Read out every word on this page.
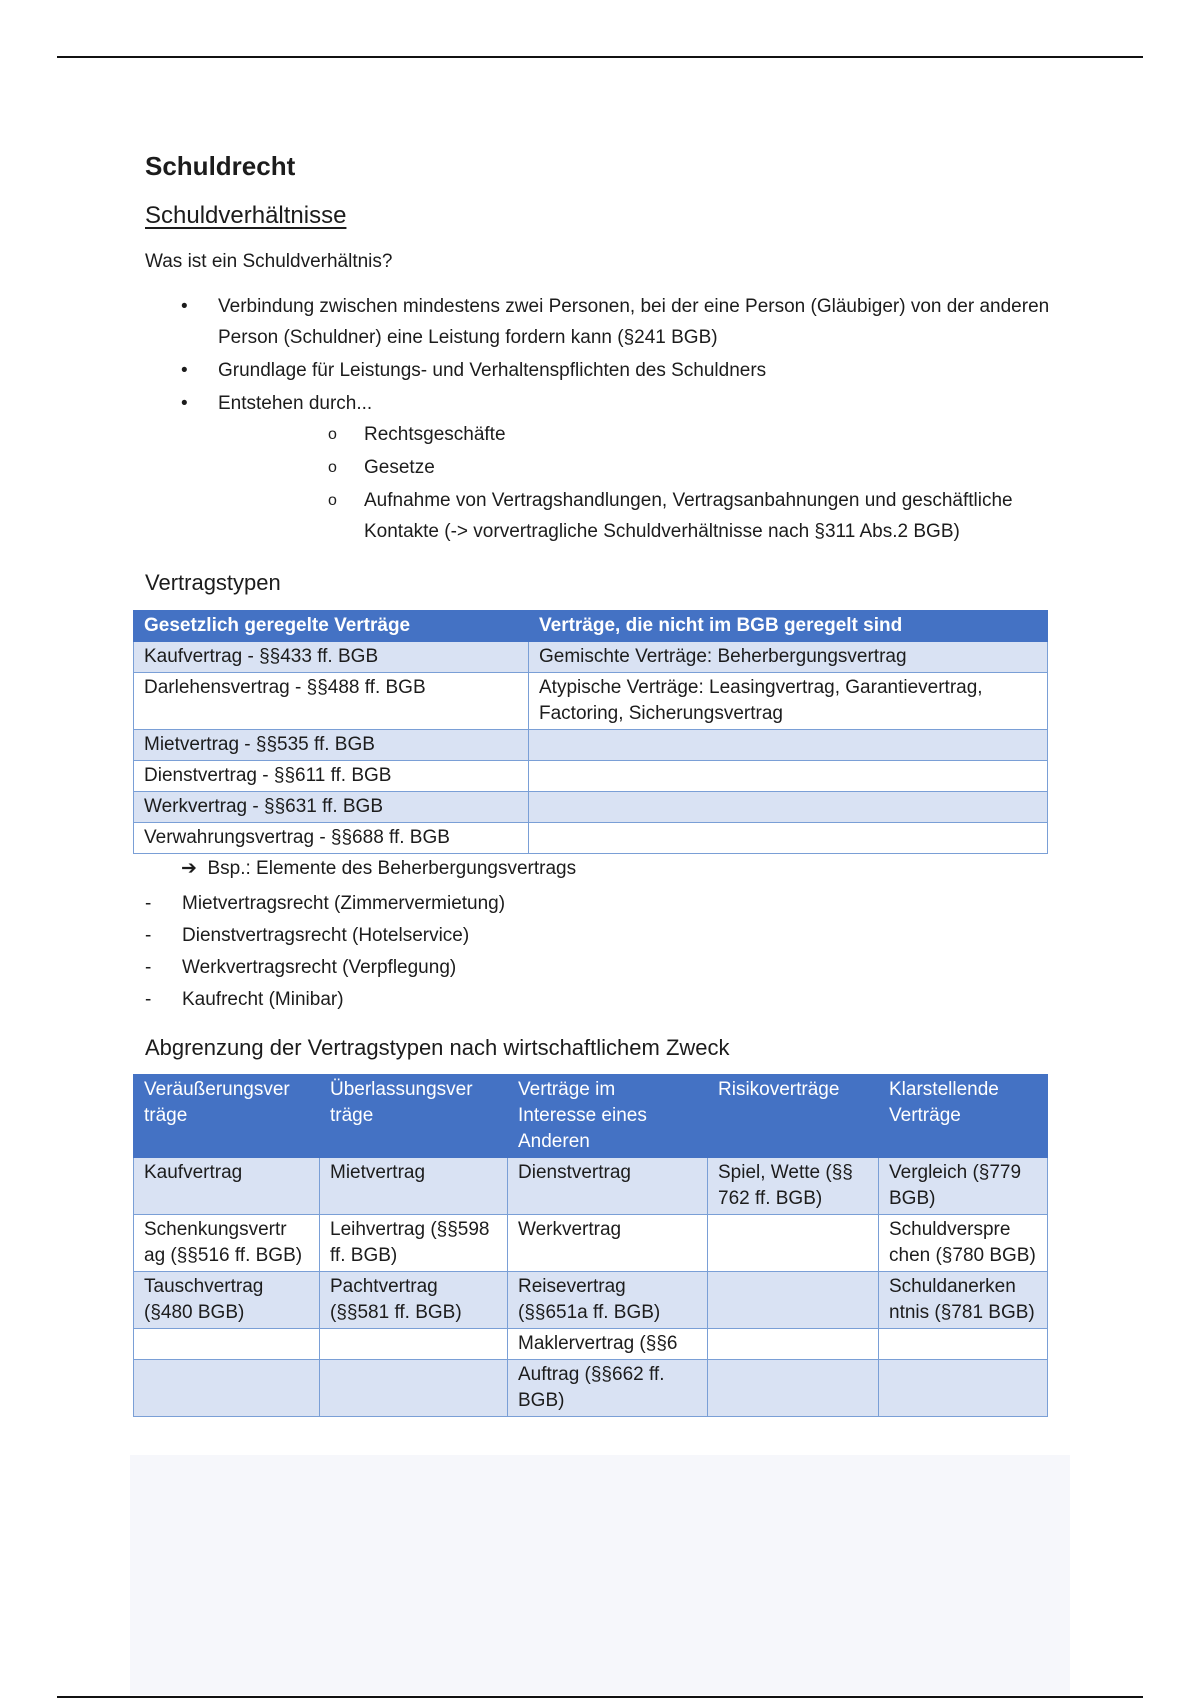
Schuldrecht
Schuldverhältnisse

Was ist ein Schuldverhältnis?

• Verbindung zwischen mindestens zwei Personen, bei der eine Person (Gläubiger) von der anderen Person (Schuldner) eine Leistung fordern kann (§241 BGB)
• Grundlage für Leistungs- und Verhaltenspflichten des Schuldners
• Entstehen durch...
o Rechtsgeschäfte
o Gesetze
o Aufnahme von Vertragshandlungen, Vertragsanbahnungen und geschäftliche Kontakte (-> vorvertragliche Schuldverhältnisse nach §311 Abs.2 BGB)
Vertragstypen
Gesetzlich geregelte Verträge	Verträge, die nicht im BGB geregelt sind
Kaufvertrag - §§433 ff. BGB	Gemischte Verträge: Beherbergungsvertrag
Darlehensvertrag - §§488 ff. BGB	Atypische Verträge: Leasingvertrag, Garantievertrag, Factoring, Sicherungsvertrag
Mietvertrag - §§535 ff. BGB	
Dienstvertrag - §§611 ff. BGB	
Werkvertrag - §§631 ff. BGB	
Verwahrungsvertrag - §§688 ff. BGB	
➔ Bsp.: Elemente des Beherbergungsvertrags
- Mietvertragsrecht (Zimmervermietung)
- Dienstvertragsrecht (Hotelservice)
- Werkvertragsrecht (Verpflegung)
- Kaufrecht (Minibar)
Abgrenzung der Vertragstypen nach wirtschaftlichem Zweck
Veräußerungsver träge	Überlassungsver träge	Verträge im Interesse eines Anderen	Risikoverträge	Klarstellende Verträge
Kaufvertrag	Mietvertrag	Dienstvertrag	Spiel, Wette (§§ 762 ff. BGB)	Vergleich (§779 BGB)
Schenkungsvertr ag (§§516 ff. BGB)	Leihvertrag (§§598 ff. BGB)	Werkvertrag		Schuldverspre chen (§780 BGB)
Tauschvertrag (§480 BGB)	Pachtvertrag (§§581 ff. BGB)	Reisevertrag (§§651a ff. BGB)		Schuldanerken ntnis (§781 BGB)
		Maklervertrag (§§6		
		Auftrag (§§662 ff. BGB)		
